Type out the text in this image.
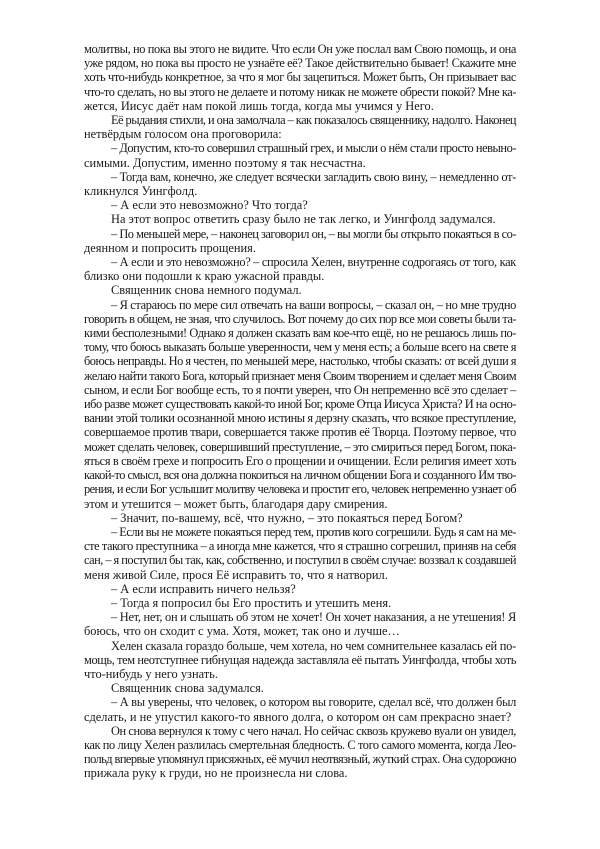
молитвы, но пока вы этого не видите. Что если Он уже послал вам Свою помощь, и она
уже рядом, но пока вы просто не узнаёте её? Такое действительно бывает! Скажите мне
хоть что-нибудь конкретное, за что я мог бы зацепиться. Может быть, Он призывает вас
что-то сделать, но вы этого не делаете и потому никак не можете обрести покой? Мне ка-
жется, Иисус даёт нам покой лишь тогда, когда мы учимся у Него.
Её рыдания стихли, и она замолчала – как показалось священнику, надолго. Наконец
нетвёрдым голосом она проговорила:
– Допустим, кто-то совершил страшный грех, и мысли о нём стали просто невыно-
симыми. Допустим, именно поэтому я так несчастна.
– Тогда вам, конечно, же следует всячески загладить свою вину, – немедленно от-
кликнулся Уингфолд.
– А если это невозможно? Что тогда?
На этот вопрос ответить сразу было не так легко, и Уингфолд задумался.
– По меньшей мере, – наконец заговорил он, – вы могли бы открыто покаяться в со-
деянном и попросить прощения.
– А если и это невозможно? – спросила Хелен, внутренне содрогаясь от того, как
близко они подошли к краю ужасной правды.
Священник снова немного подумал.
– Я стараюсь по мере сил отвечать на ваши вопросы, – сказал он, – но мне трудно
говорить в общем, не зная, что случилось. Вот почему до сих пор все мои советы были та-
кими бесполезными! Однако я должен сказать вам кое-что ещё, но не решаюсь лишь по-
тому, что боюсь выказать больше уверенности, чем у меня есть; а больше всего на свете я
боюсь неправды. Но я честен, по меньшей мере, настолько, чтобы сказать: от всей души я
желаю найти такого Бога, который признает меня Своим творением и сделает меня Своим
сыном, и если Бог вообще есть, то я почти уверен, что Он непременно всё это сделает –
ибо разве может существовать какой-то иной Бог, кроме Отца Иисуса Христа? И на осно-
вании этой толики осознанной мною истины я дерзну сказать, что всякое преступление,
совершаемое против твари, совершается также против её Творца. Поэтому первое, что
может сделать человек, совершивший преступление, – это смириться перед Богом, пока-
яться в своём грехе и попросить Его о прощении и очищении. Если религия имеет хоть
какой-то смысл, вся она должна покоиться на личном общении Бога и созданного Им тво-
рения, и если Бог услышит молитву человека и простит его, человек непременно узнает об
этом и утешится – может быть, благодаря дару смирения.
– Значит, по-вашему, всё, что нужно, – это покаяться перед Богом?
– Если вы не можете покаяться перед тем, против кого согрешили. Будь я сам на ме-
сте такого преступника – а иногда мне кажется, что я страшно согрешил, приняв на себя
сан, – я поступил бы так, как, собственно, и поступил в своём случае: воззвал к создавшей
меня живой Силе, прося Её исправить то, что я натворил.
– А если исправить ничего нельзя?
– Тогда я попросил бы Его простить и утешить меня.
– Нет, нет, он и слышать об этом не хочет! Он хочет наказания, а не утешения! Я
боюсь, что он сходит с ума. Хотя, может, так оно и лучше…
Хелен сказала гораздо больше, чем хотела, но чем сомнительнее казалась ей по-
мощь, тем неотступнее гибнущая надежда заставляла её пытать Уингфолда, чтобы хоть
что-нибудь у него узнать.
Священник снова задумался.
– А вы уверены, что человек, о котором вы говорите, сделал всё, что должен был
сделать, и не упустил какого-то явного долга, о котором он сам прекрасно знает?
Он снова вернулся к тому с чего начал. Но сейчас сквозь кружево вуали он увидел,
как по лицу Хелен разлилась смертельная бледность. С того самого момента, когда Лео-
польд впервые упомянул присяжных, её мучил неотвязный, жуткий страх. Она судорожно
прижала руку к груди, но не произнесла ни слова.
